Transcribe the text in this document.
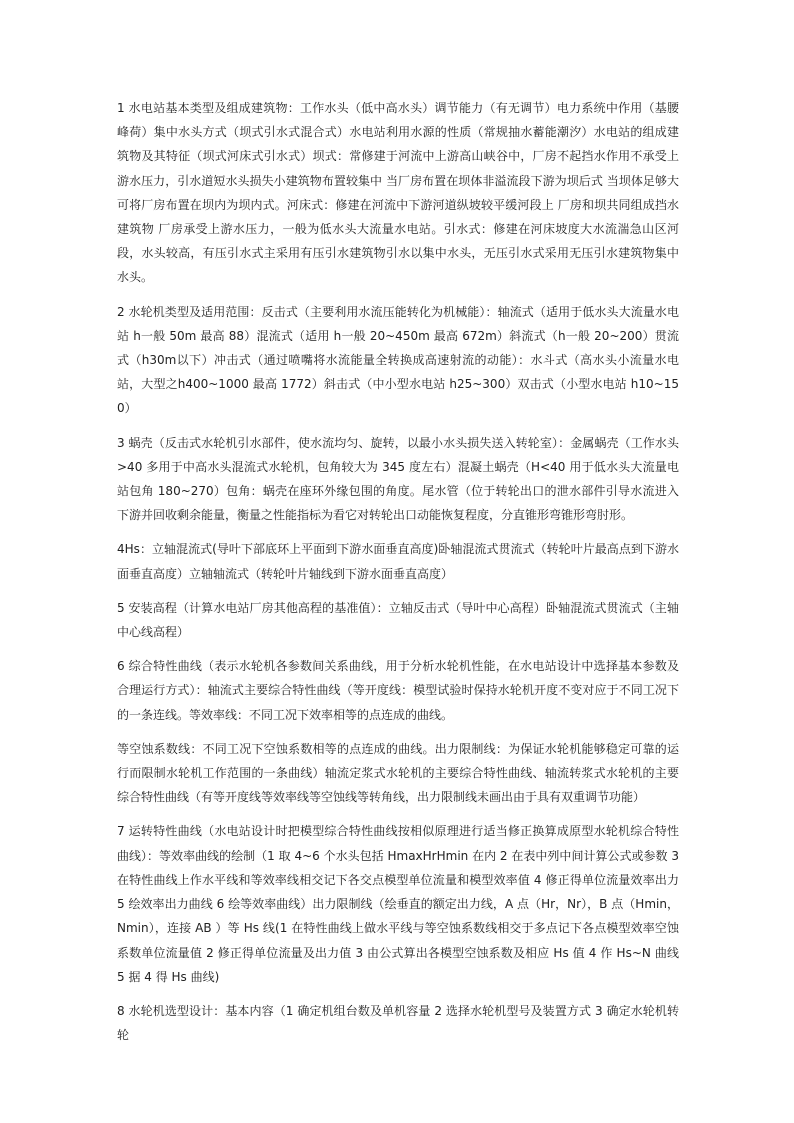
1 水电站基本类型及组成建筑物：工作水头（低中高水头）调节能力（有无调节）电力系统中作用（基腰峰荷）集中水头方式（坝式引水式混合式）水电站利用水源的性质（常规抽水蓄能潮汐）水电站的组成建筑物及其特征（坝式河床式引水式）坝式：常修建于河流中上游高山峡谷中，厂房不起挡水作用不承受上游水压力，引水道短水头损失小建筑物布置较集中 当厂房布置在坝体非溢流段下游为坝后式 当坝体足够大可将厂房布置在坝内为坝内式。河床式：修建在河流中下游河道纵坡较平缓河段上 厂房和坝共同组成挡水建筑物 厂房承受上游水压力，一般为低水头大流量水电站。引水式：修建在河床坡度大水流湍急山区河段，水头较高，有压引水式主采用有压引水建筑物引水以集中水头，无压引水式采用无压引水建筑物集中水头。

2 水轮机类型及适用范围：反击式（主要利用水流压能转化为机械能）：轴流式（适用于低水头大流量水电站 h一般 50m 最高 88）混流式（适用 h一般 20~450m 最高 672m）斜流式（h一般 20~200）贯流式（h30m以下）冲击式（通过喷嘴将水流能量全转换成高速射流的动能）：水斗式（高水头小流量水电站，大型之h400~1000 最高 1772）斜击式（中小型水电站 h25~300）双击式（小型水电站 h10~150）

3 蜗壳（反击式水轮机引水部件，使水流均匀、旋转，以最小水头损失送入转轮室）：金属蜗壳（工作水头>40 多用于中高水头混流式水轮机，包角较大为 345 度左右）混凝土蜗壳（H<40 用于低水头大流量电站包角 180~270）包角：蜗壳在座环外缘包围的角度。尾水管（位于转轮出口的泄水部件引导水流进入下游并回收剩余能量，衡量之性能指标为看它对转轮出口动能恢复程度，分直锥形弯锥形弯肘形。

4Hs：立轴混流式(导叶下部底环上平面到下游水面垂直高度)卧轴混流式贯流式（转轮叶片最高点到下游水面垂直高度）立轴轴流式（转轮叶片轴线到下游水面垂直高度）

5 安装高程（计算水电站厂房其他高程的基准值）：立轴反击式（导叶中心高程）卧轴混流式贯流式（主轴中心线高程）

6 综合特性曲线（表示水轮机各参数间关系曲线，用于分析水轮机性能，在水电站设计中选择基本参数及合理运行方式）：轴流式主要综合特性曲线（等开度线：模型试验时保持水轮机开度不变对应于不同工况下的一条连线。等效率线：不同工况下效率相等的点连成的曲线。

等空蚀系数线：不同工况下空蚀系数相等的点连成的曲线。出力限制线：为保证水轮机能够稳定可靠的运行而限制水轮机工作范围的一条曲线）轴流定浆式水轮机的主要综合特性曲线、轴流转浆式水轮机的主要综合特性曲线（有等开度线等效率线等空蚀线等转角线，出力限制线未画出由于具有双重调节功能）

7 运转特性曲线（水电站设计时把模型综合特性曲线按相似原理进行适当修正换算成原型水轮机综合特性曲线）：等效率曲线的绘制（1 取 4~6 个水头包括 HmaxHrHmin 在内 2 在表中列中间计算公式或参数 3 在特性曲线上作水平线和等效率线相交记下各交点模型单位流量和模型效率值 4 修正得单位流量效率出力 5 绘效率出力曲线 6 绘等效率曲线）出力限制线（绘垂直的额定出力线，A 点（Hr，Nr），B 点（Hmin，Nmin），连接 AB ）等 Hs 线(1 在特性曲线上做水平线与等空蚀系数线相交于多点记下各点模型效率空蚀系数单位流量值 2 修正得单位流量及出力值 3 由公式算出各模型空蚀系数及相应 Hs 值 4 作 Hs~N 曲线 5 据 4 得 Hs 曲线)

8 水轮机选型设计：基本内容（1 确定机组台数及单机容量 2 选择水轮机型号及装置方式 3 确定水轮机转轮
